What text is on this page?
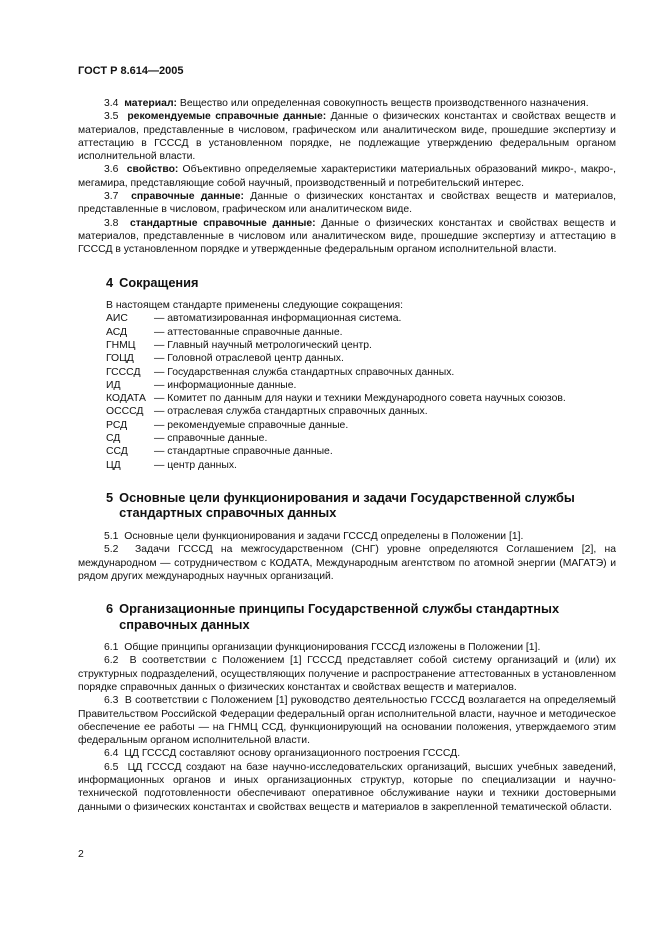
ГОСТ Р 8.614—2005

3.4 материал: Вещество или определенная совокупность веществ производственного назначения.

3.5 рекомендуемые справочные данные: Данные о физических константах и свойствах веществ и материалов, представленные в числовом, графическом или аналитическом виде, прошедшие экспертизу и аттестацию в ГСССД в установленном порядке, не подлежащие утверждению федеральным органом исполнительной власти.

3.6 свойство: Объективно определяемые характеристики материальных образований микро-, макро-, мегамира, представляющие собой научный, производственный и потребительский интерес.

3.7 справочные данные: Данные о физических константах и свойствах веществ и материалов, представленные в числовом, графическом или аналитическом виде.

3.8 стандартные справочные данные: Данные о физических константах и свойствах веществ и материалов, представленные в числовом или аналитическом виде, прошедшие экспертизу и аттестацию в ГСССД в установленном порядке и утвержденные федеральным органом исполнительной власти.

4 Сокращения

В настоящем стандарте применены следующие сокращения:

АИС	— автоматизированная информационная система.
АСД	— аттестованные справочные данные.
ГНМЦ	— Главный научный метрологический центр.
ГОЦД	— Головной отраслевой центр данных.
ГСССД	— Государственная служба стандартных справочных данных.
ИД	— информационные данные.
КОДАТА — Комитет по данным для науки и техники Международного совета научных союзов.
ОСССД	— отраслевая служба стандартных справочных данных.
РСД	— рекомендуемые справочные данные.
СД	— справочные данные.
ССД	— стандартные справочные данные.
ЦД	— центр данных.
5 Основные цели функционирования и задачи Государственной службы стандартных справочных данных

5.1 Основные цели функционирования и задачи ГСССД определены в Положении [1].

5.2 Задачи ГСССД на межгосударственном (СНГ) уровне определяются Соглашением [2], на международном — сотрудничеством с КОДАТА, Международным агентством по атомной энергии (МАГАТЭ) и рядом других международных научных организаций.

6 Организационные принципы Государственной службы стандартных справочных данных

6.1 Общие принципы организации функционирования ГСССД изложены в Положении [1].

6.2 В соответствии с Положением [1] ГСССД представляет собой систему организаций и (или) их структурных подразделений, осуществляющих получение и распространение аттестованных в установленном порядке справочных данных о физических константах и свойствах веществ и материалов.

6.3 В соответствии с Положением [1] руководство деятельностью ГСССД возлагается на определяемый Правительством Российской Федерации федеральный орган исполнительной власти, научное и методическое обеспечение ее работы — на ГНМЦ ССД, функционирующий на основании положения, утверждаемого этим федеральным органом исполнительной власти.

6.4 ЦД ГСССД составляют основу организационного построения ГСССД.

6.5 ЦД ГСССД создают на базе научно-исследовательских организаций, высших учебных заведений, информационных органов и иных организационных структур, которые по специализации и научно-технической подготовленности обеспечивают оперативное обслуживание науки и техники достоверными данными о физических константах и свойствах веществ и материалов в закрепленной тематической области.

2
